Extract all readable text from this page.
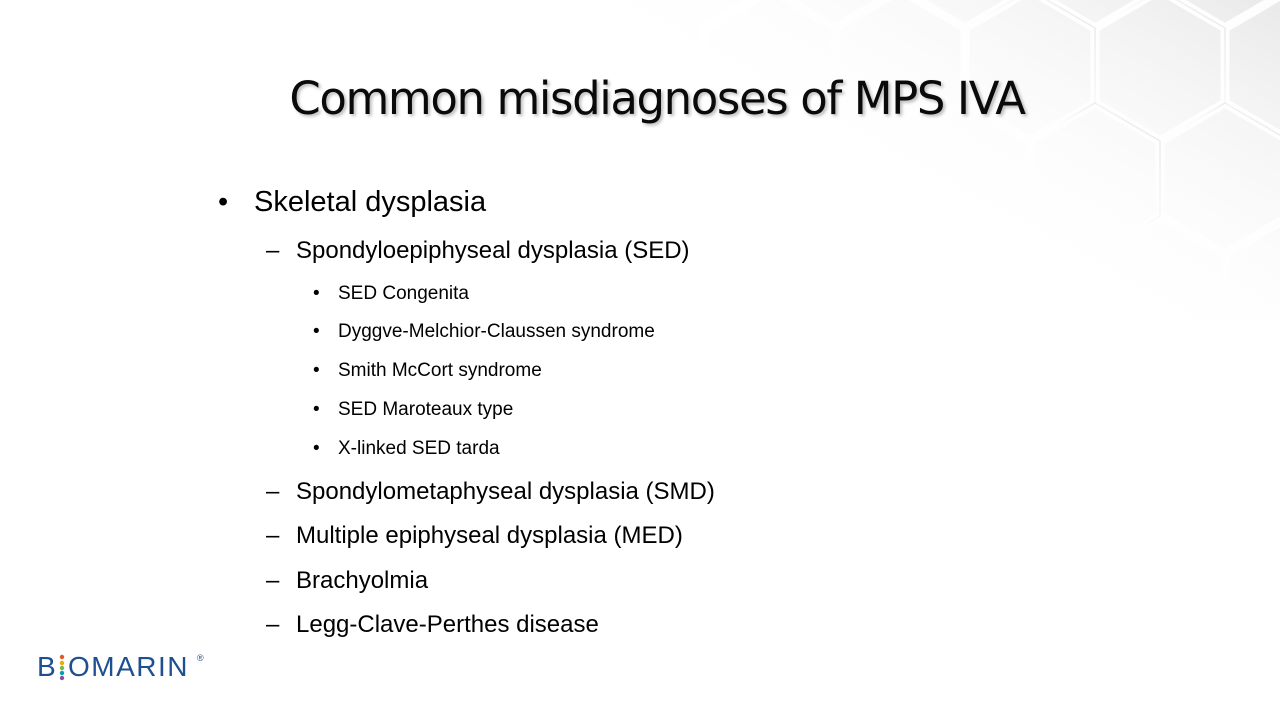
Common misdiagnoses of MPS IVA
• Skeletal dysplasia
– Spondyloepiphyseal dysplasia (SED)
• SED Congenita
• Dyggve-Melchior-Claussen syndrome
• Smith McCort syndrome
• SED Maroteaux type
• X-linked SED tarda
– Spondylometaphyseal dysplasia (SMD)
– Multiple epiphyseal dysplasia (MED)
– Brachyolmia
– Legg-Clave-Perthes disease
B OMARIN ®
